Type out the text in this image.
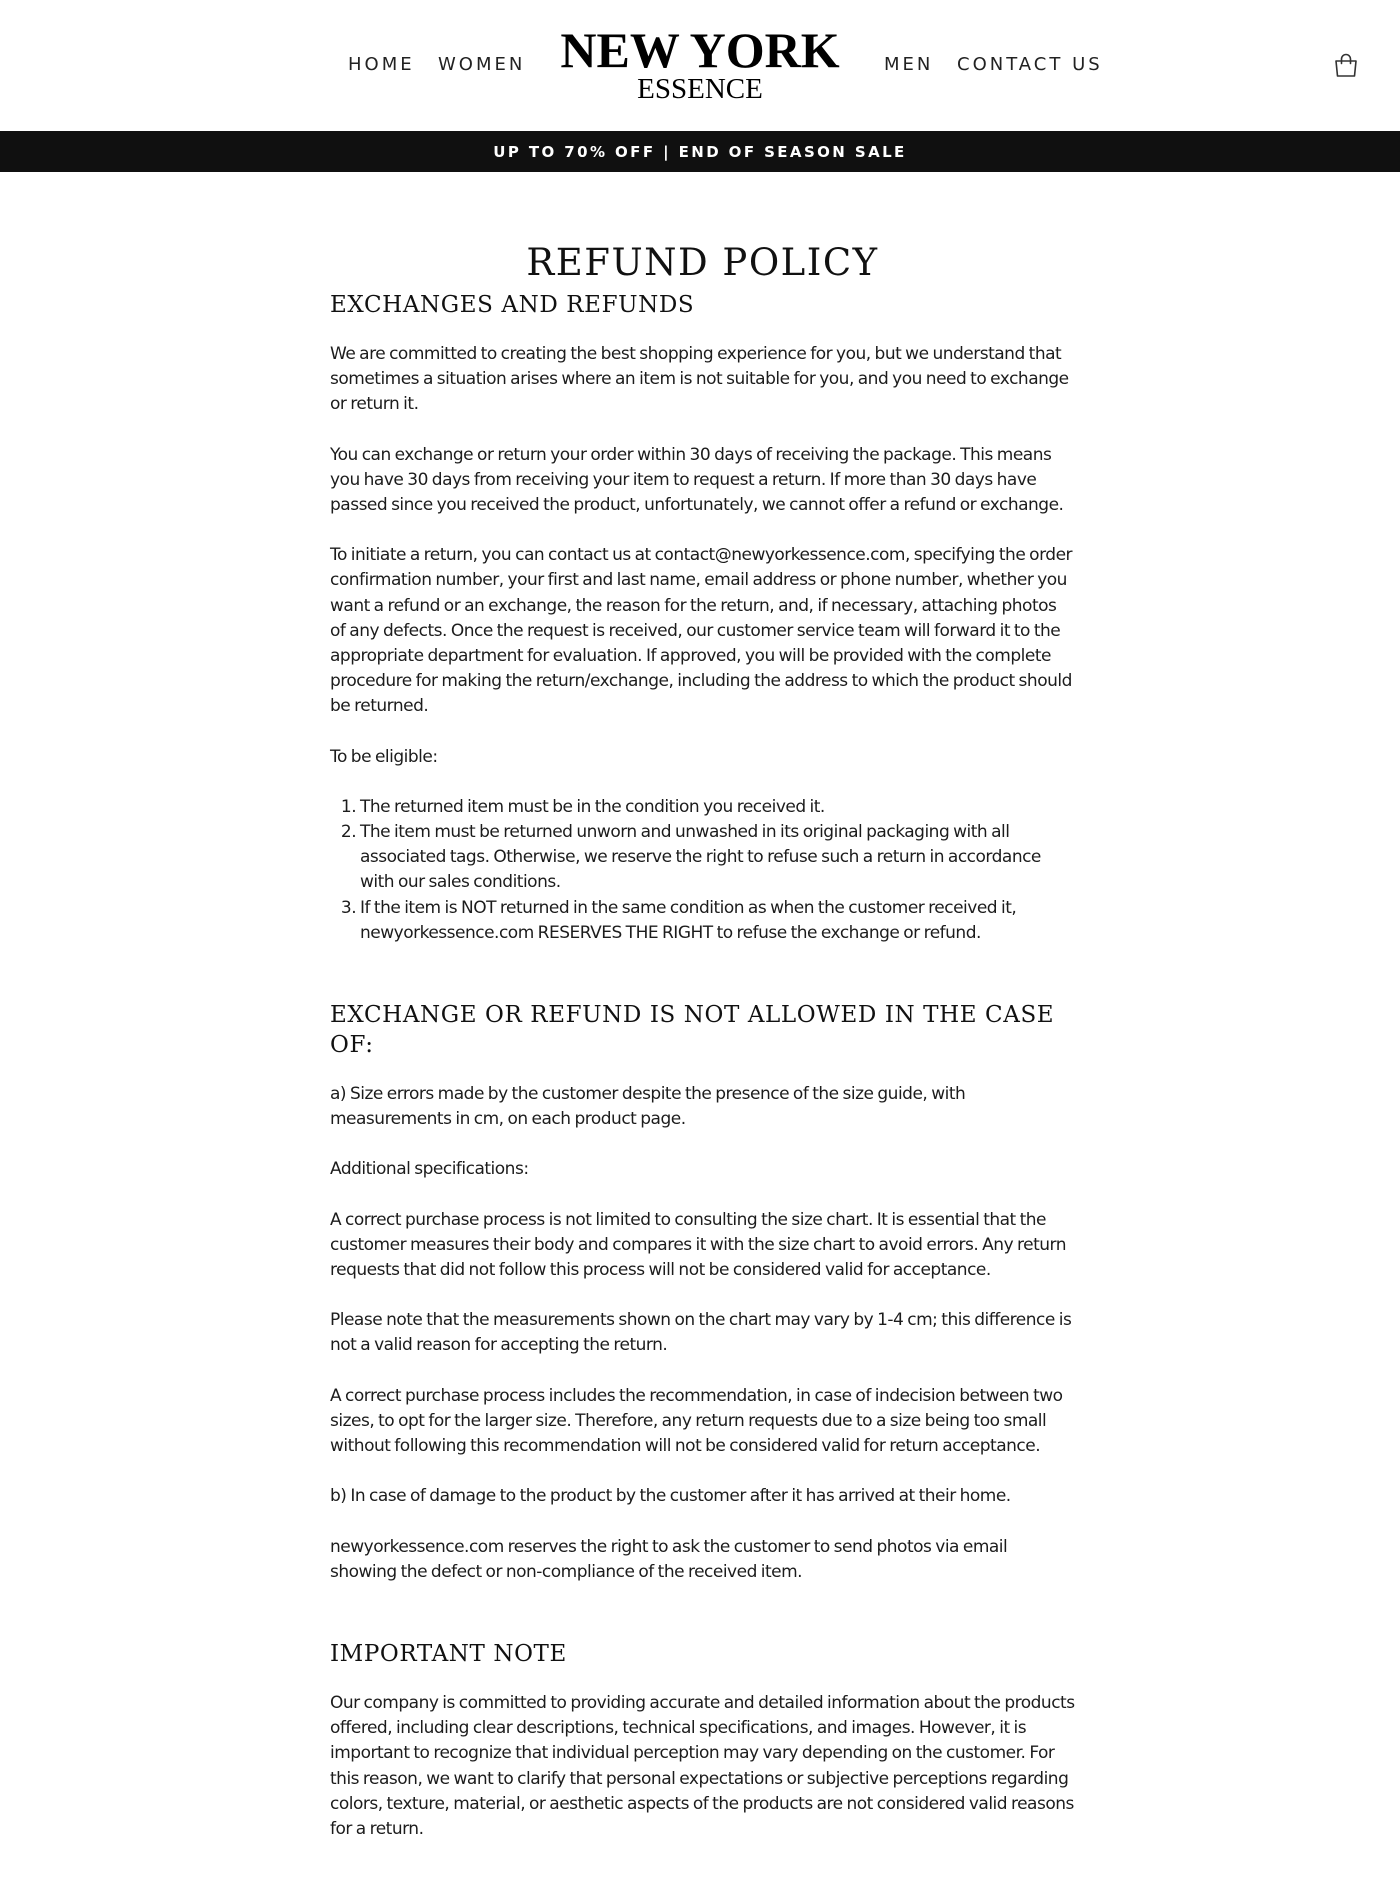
HOME WOMEN NEW YORK
ESSENCE
MEN CONTACT US
UP TO 70% OFF | END OF SEASON SALE
REFUND POLICY
EXCHANGES AND REFUNDS

We are committed to creating the best shopping experience for you, but we understand that sometimes a situation arises where an item is not suitable for you, and you need to exchange or return it.

You can exchange or return your order within 30 days of receiving the package. This means you have 30 days from receiving your item to request a return. If more than 30 days have passed since you received the product, unfortunately, we cannot offer a refund or exchange.

To initiate a return, you can contact us at contact@newyorkessence.com, specifying the order confirmation number, your first and last name, email address or phone number, whether you want a refund or an exchange, the reason for the return, and, if necessary, attaching photos of any defects. Once the request is received, our customer service team will forward it to the appropriate department for evaluation. If approved, you will be provided with the complete procedure for making the return/exchange, including the address to which the product should be returned.

To be eligible:

1. The returned item must be in the condition you received it.
2. The item must be returned unworn and unwashed in its original packaging with all associated tags. Otherwise, we reserve the right to refuse such a return in accordance with our sales conditions.
3. If the item is NOT returned in the same condition as when the customer received it, newyorkessence.com RESERVES THE RIGHT to refuse the exchange or refund.
EXCHANGE OR REFUND IS NOT ALLOWED IN THE CASE OF:

a) Size errors made by the customer despite the presence of the size guide, with measurements in cm, on each product page.

Additional specifications:

A correct purchase process is not limited to consulting the size chart. It is essential that the customer measures their body and compares it with the size chart to avoid errors. Any return requests that did not follow this process will not be considered valid for acceptance.

Please note that the measurements shown on the chart may vary by 1-4 cm; this difference is not a valid reason for accepting the return.

A correct purchase process includes the recommendation, in case of indecision between two sizes, to opt for the larger size. Therefore, any return requests due to a size being too small without following this recommendation will not be considered valid for return acceptance.

b) In case of damage to the product by the customer after it has arrived at their home.

newyorkessence.com reserves the right to ask the customer to send photos via email showing the defect or non-compliance of the received item.

IMPORTANT NOTE

Our company is committed to providing accurate and detailed information about the products offered, including clear descriptions, technical specifications, and images. However, it is important to recognize that individual perception may vary depending on the customer. For this reason, we want to clarify that personal expectations or subjective perceptions regarding colors, texture, material, or aesthetic aspects of the products are not considered valid reasons for a return.
